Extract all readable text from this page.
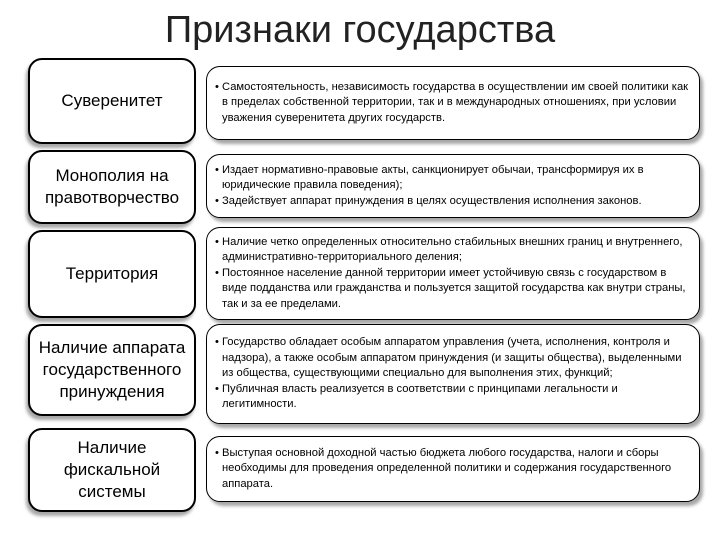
Признаки государства
Суверенитет
• Самостоятельность, независимость государства в осуществлении им своей политики как в пределах собственной территории, так и в международных отношениях, при условии уважения суверенитета других государств.
Монополия на правотворчество
• Издает нормативно-правовые акты, санкционирует обычаи, трансформируя их в юридические правила поведения);
• Задействует аппарат принуждения в целях осуществления исполнения законов.
Территория
• Наличие четко определенных относительно стабильных внешних границ и внутреннего, административно-территориального деления;
• Постоянное население данной территории имеет устойчивую связь с государством в виде подданства или гражданства и пользуется защитой государства как внутри страны, так и за ее пределами.
Наличие аппарата государственного принуждения
• Государство обладает особым аппаратом управления (учета, исполнения, контроля и надзора), а также особым аппаратом принуждения (и защиты общества), выделенными из общества, существующими специально для выполнения этих, функций;
• Публичная власть реализуется в соответствии с принципами легальности и легитимности.
Наличие фискальной системы
• Выступая основной доходной частью бюджета любого государства, налоги и сборы необходимы для проведения определенной политики и содержания государственного аппарата.
